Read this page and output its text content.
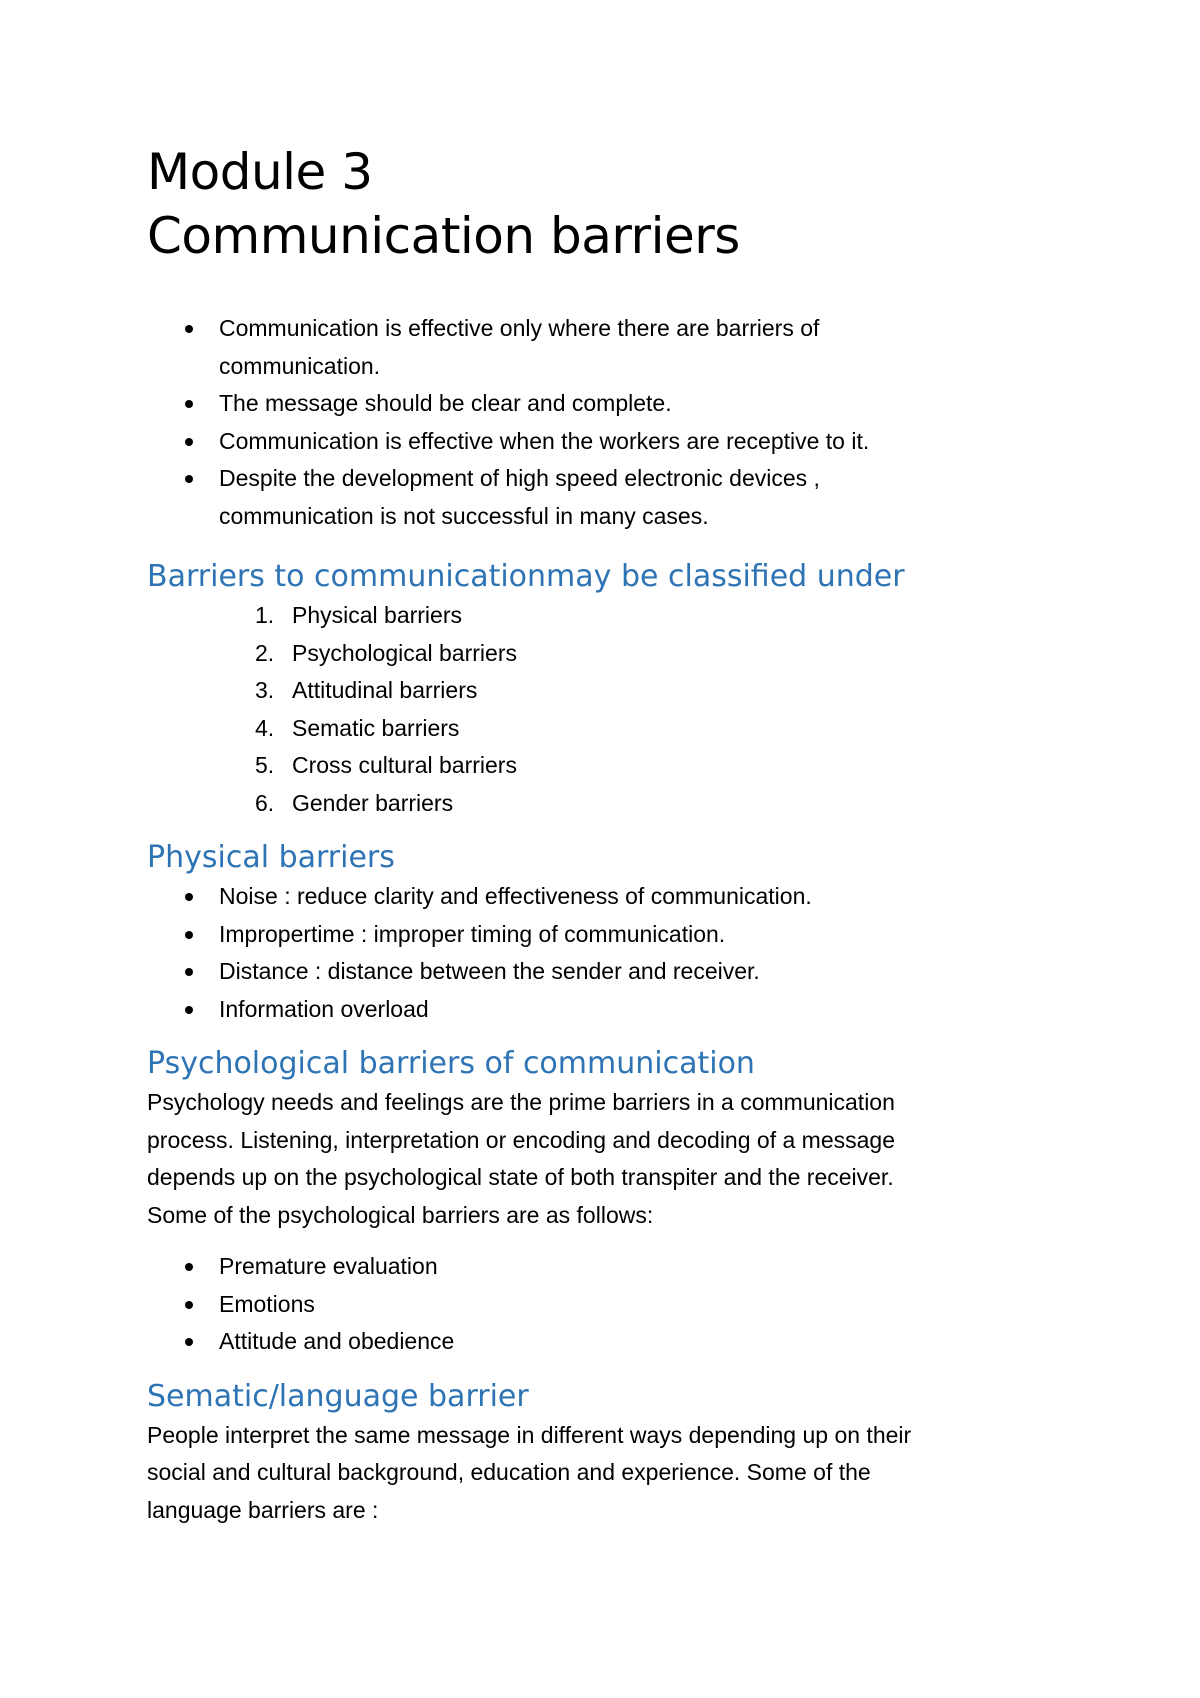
Module 3
Communication barriers
Communication is effective only where there are barriers of
communication.
The message should be clear and complete.
Communication is effective when the workers are receptive to it.
Despite the development of high speed electronic devices ,
communication is not successful in many cases.
Barriers to communicationmay be classified under
1. Physical barriers
2. Psychological barriers
3. Attitudinal barriers
4. Sematic barriers
5. Cross cultural barriers
6. Gender barriers
Physical barriers
Noise : reduce clarity and effectiveness of communication.
Impropertime : improper timing of communication.
Distance : distance between the sender and receiver.
Information overload
Psychological barriers of communication

Psychology needs and feelings are the prime barriers in a communication
process. Listening, interpretation or encoding and decoding of a message
depends up on the psychological state of both transpiter and the receiver.
Some of the psychological barriers are as follows:

Premature evaluation
Emotions
Attitude and obedience
Sematic/language barrier

People interpret the same message in different ways depending up on their
social and cultural background, education and experience. Some of the
language barriers are :
